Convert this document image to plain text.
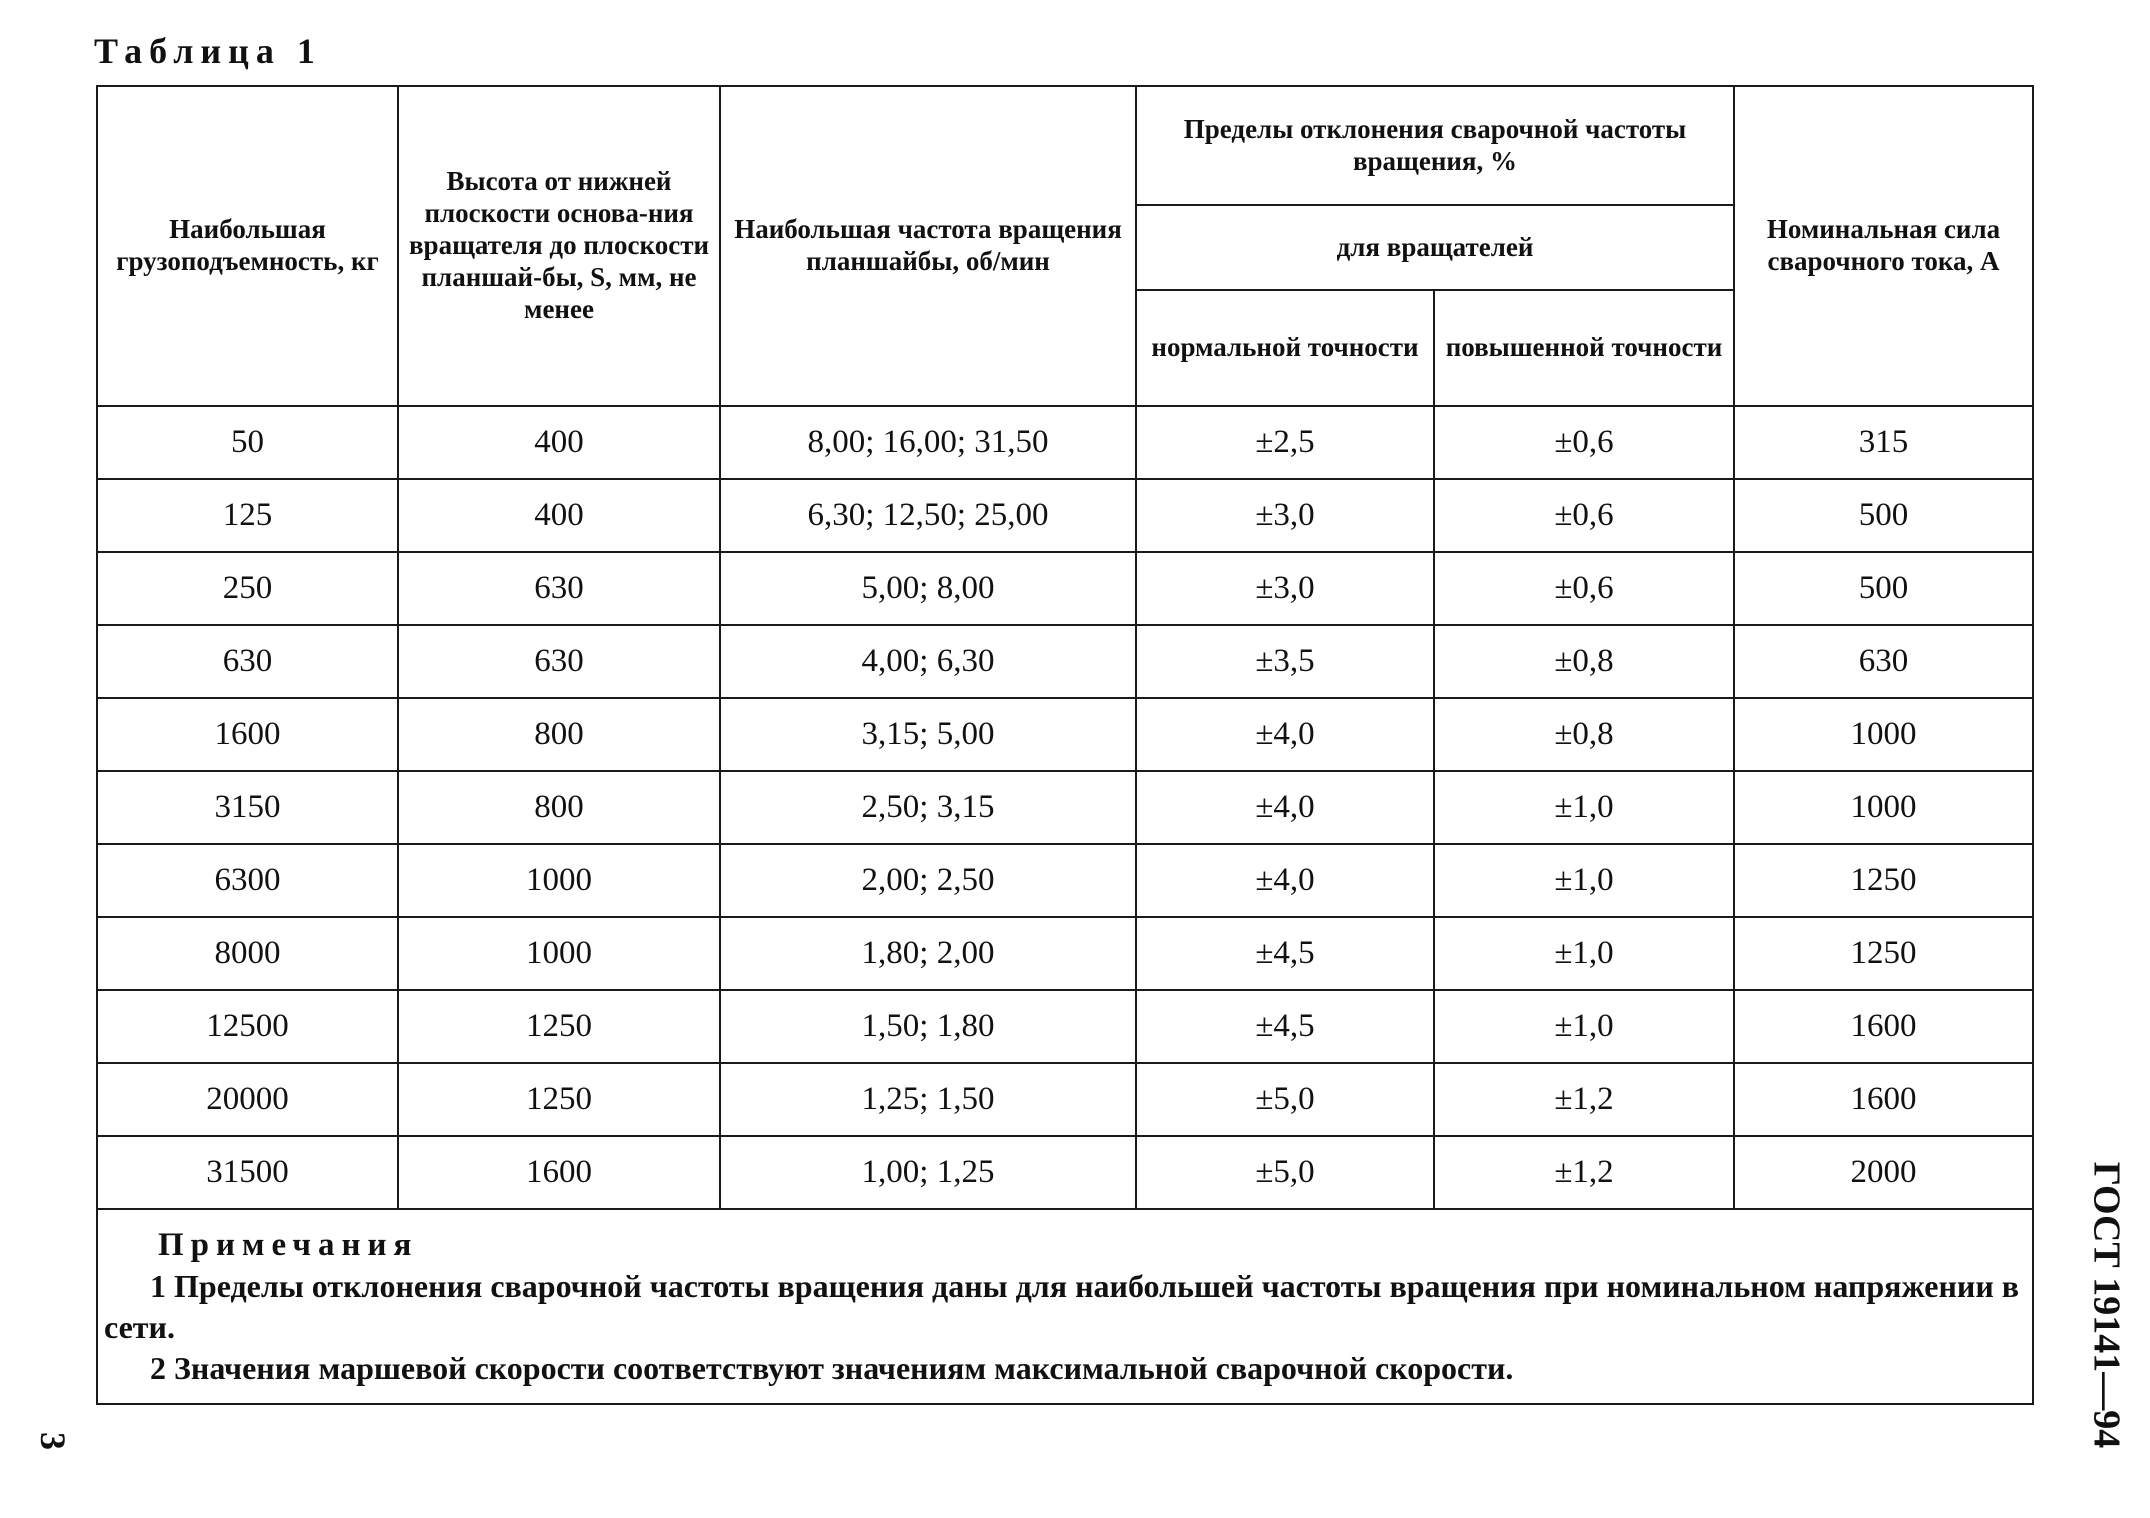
Таблица 1
Наибольшая грузоподъемность, кг	Высота от нижней плоскости основа-ния вращателя до плоскости планшай-бы, S, мм, не менее	Наибольшая частота вращения планшайбы, об/мин	Пределы отклонения сварочной частоты вращения, %		Номинальная сила сварочного тока, А
			для вращателей		
			нормальной точности	повышенной точности	
50	400	8,00; 16,00; 31,50	±2,5	±0,6	315
125	400	6,30; 12,50; 25,00	±3,0	±0,6	500
250	630	5,00; 8,00	±3,0	±0,6	500
630	630	4,00; 6,30	±3,5	±0,8	630
1600	800	3,15; 5,00	±4,0	±0,8	1000
3150	800	2,50; 3,15	±4,0	±1,0	1000
6300	1000	2,00; 2,50	±4,0	±1,0	1250
8000	1000	1,80; 2,00	±4,5	±1,0	1250
12500	1250	1,50; 1,80	±4,5	±1,0	1600
20000	1250	1,25; 1,50	±5,0	±1,2	1600
31500	1600	1,00; 1,25	±5,0	±1,2	2000

Примечания
1 Пределы отклонения сварочной частоты вращения даны для наибольшей частоты вращения при номинальном напряжении в сети.
2 Значения маршевой скорости соответствуют значениям максимальной сварочной скорости.						ГОСТ 19141—94
3
